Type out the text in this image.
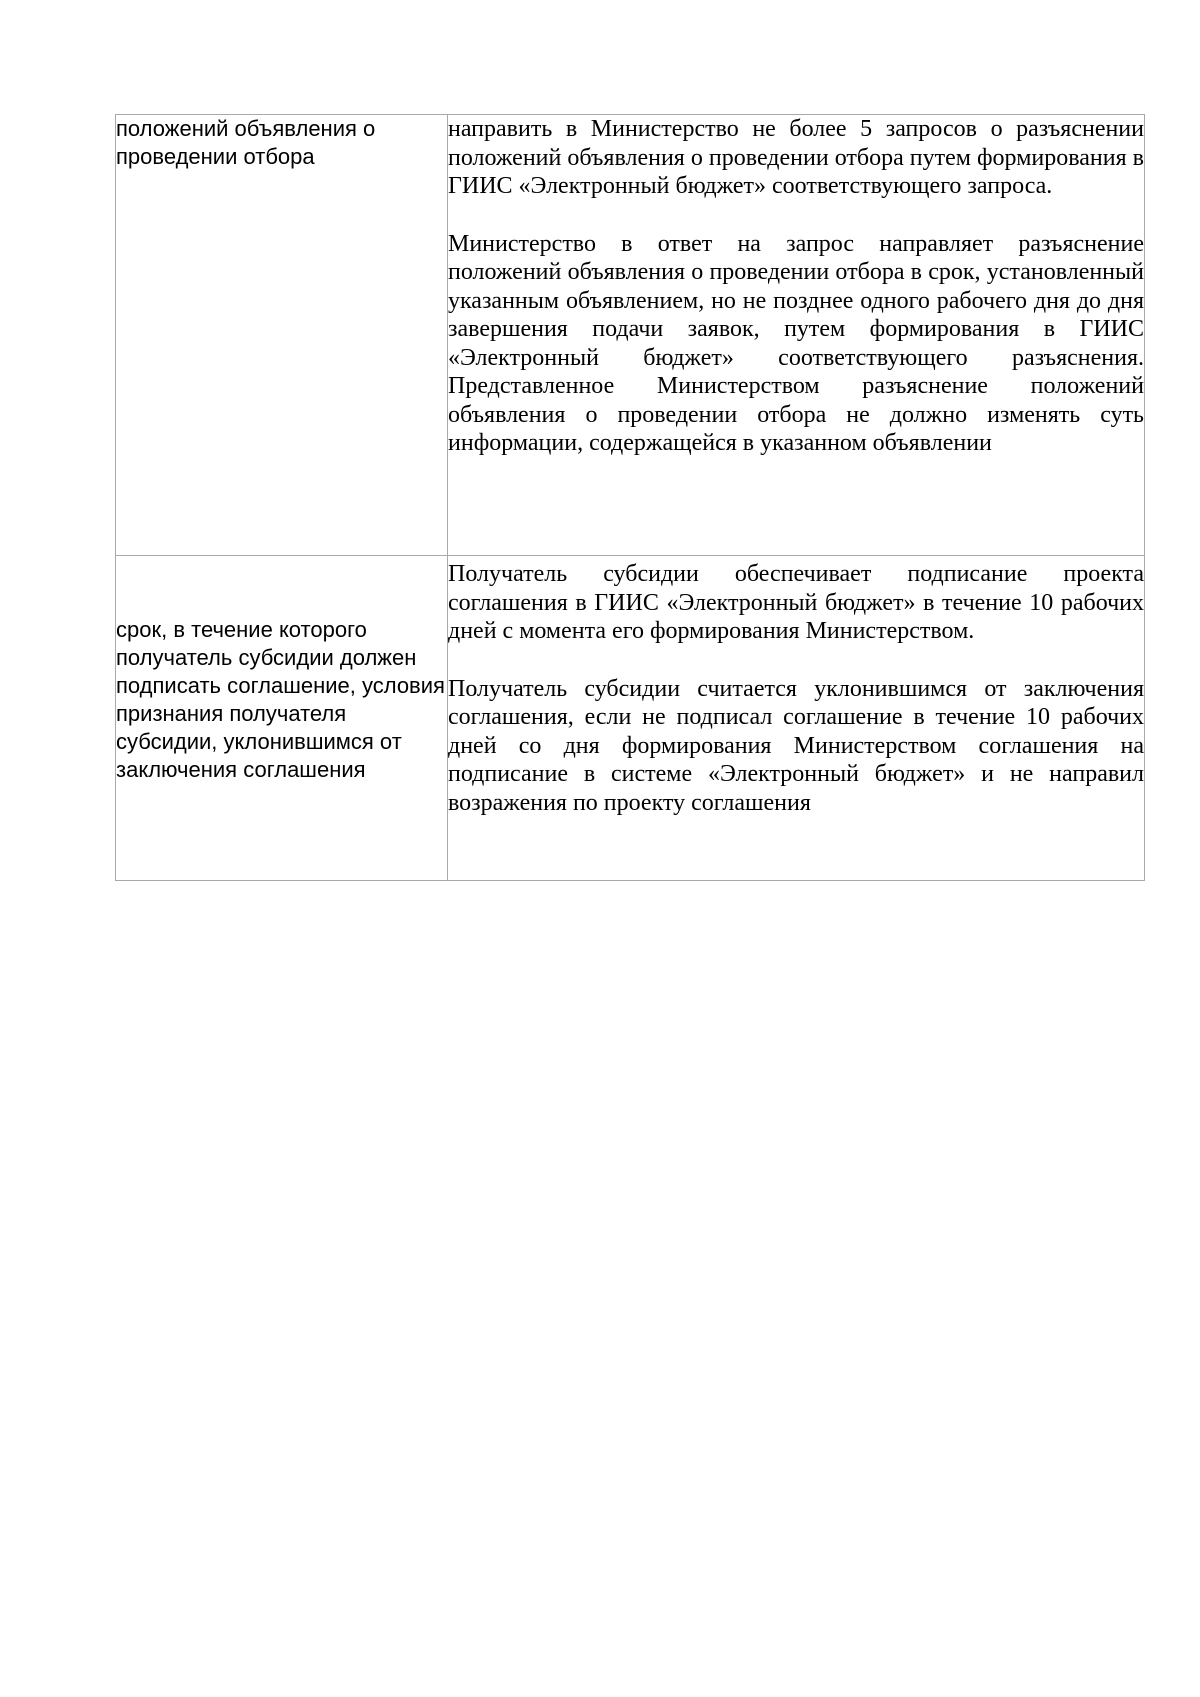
положений объявления о проведении отбора	направить в Министерство не более 5 запросов о разъяснении положений объявления о проведении отбора путем формирования в ГИИС «Электронный бюджет» соответствующего запроса.

Министерство в ответ на запрос направляет разъяснение положений объявления о проведении отбора в срок, установленный указанным объявлением, но не позднее одного рабочего дня до дня завершения подачи заявок, путем формирования в ГИИС «Электронный бюджет» соответствующего разъяснения. Представленное Министерством разъяснение положений объявления о проведении отбора не должно изменять суть информации, содержащейся в указанном объявлении

срок, в течение которого получатель субсидии должен подписать соглашение, условия признания получателя субсидии, уклонившимся от заключения соглашения	Получатель субсидии обеспечивает подписание проекта соглашения в ГИИС «Электронный бюджет» в течение 10 рабочих дней с момента его формирования Министерством.

Получатель субсидии считается уклонившимся от заключения соглашения, если не подписал соглашение в течение 10 рабочих дней со дня формирования Министерством соглашения на подписание в системе «Электронный бюджет» и не направил возражения по проекту соглашения
